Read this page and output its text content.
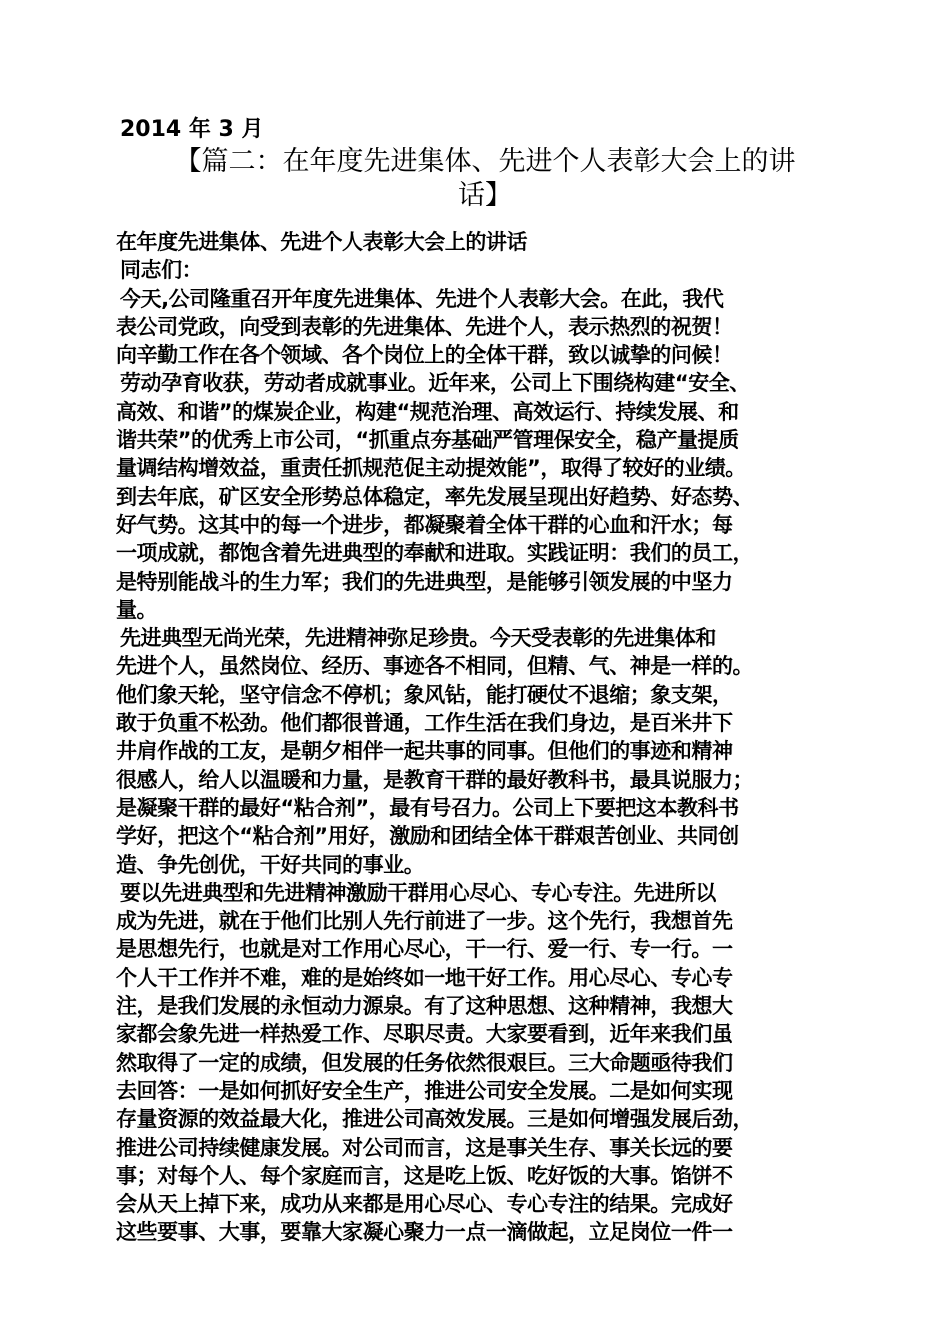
2014 年 3 月
【篇二：在年度先进集体、先进个人表彰大会上的讲
话】

在年度先进集体、先进个人表彰大会上的讲话

同志们：

今天,公司隆重召开年度先进集体、先进个人表彰大会。在此，我代

表公司党政，向受到表彰的先进集体、先进个人，表示热烈的祝贺！

向辛勤工作在各个领域、各个岗位上的全体干群，致以诚挚的问候！

劳动孕育收获，劳动者成就事业。近年来，公司上下围绕构建“安全、

高效、和谐”的煤炭企业，构建“规范治理、高效运行、持续发展、和

谐共荣”的优秀上市公司，“抓重点夯基础严管理保安全，稳产量提质

量调结构增效益，重责任抓规范促主动提效能”，取得了较好的业绩。

到去年底，矿区安全形势总体稳定，率先发展呈现出好趋势、好态势、

好气势。这其中的每一个进步，都凝聚着全体干群的心血和汗水；每

一项成就，都饱含着先进典型的奉献和进取。实践证明：我们的员工，

是特别能战斗的生力军；我们的先进典型，是能够引领发展的中坚力

量。

先进典型无尚光荣，先进精神弥足珍贵。今天受表彰的先进集体和

先进个人，虽然岗位、经历、事迹各不相同，但精、气、神是一样的。

他们象天轮，坚守信念不停机；象风钻，能打硬仗不退缩；象支架，

敢于负重不松劲。他们都很普通，工作生活在我们身边，是百米井下

井肩作战的工友，是朝夕相伴一起共事的同事。但他们的事迹和精神

很感人，给人以温暖和力量，是教育干群的最好教科书，最具说服力；

是凝聚干群的最好“粘合剂”，最有号召力。公司上下要把这本教科书

学好，把这个“粘合剂”用好，激励和团结全体干群艰苦创业、共同创

造、争先创优，干好共同的事业。

要以先进典型和先进精神激励干群用心尽心、专心专注。先进所以

成为先进，就在于他们比别人先行前进了一步。这个先行，我想首先

是思想先行，也就是对工作用心尽心，干一行、爱一行、专一行。一

个人干工作并不难，难的是始终如一地干好工作。用心尽心、专心专

注，是我们发展的永恒动力源泉。有了这种思想、这种精神，我想大

家都会象先进一样热爱工作、尽职尽责。大家要看到，近年来我们虽

然取得了一定的成绩，但发展的任务依然很艰巨。三大命题亟待我们

去回答：一是如何抓好安全生产，推进公司安全发展。二是如何实现

存量资源的效益最大化，推进公司高效发展。三是如何增强发展后劲，

推进公司持续健康发展。对公司而言，这是事关生存、事关长远的要

事；对每个人、每个家庭而言，这是吃上饭、吃好饭的大事。馅饼不

会从天上掉下来，成功从来都是用心尽心、专心专注的结果。完成好

这些要事、大事，要靠大家凝心聚力一点一滴做起，立足岗位一件一
